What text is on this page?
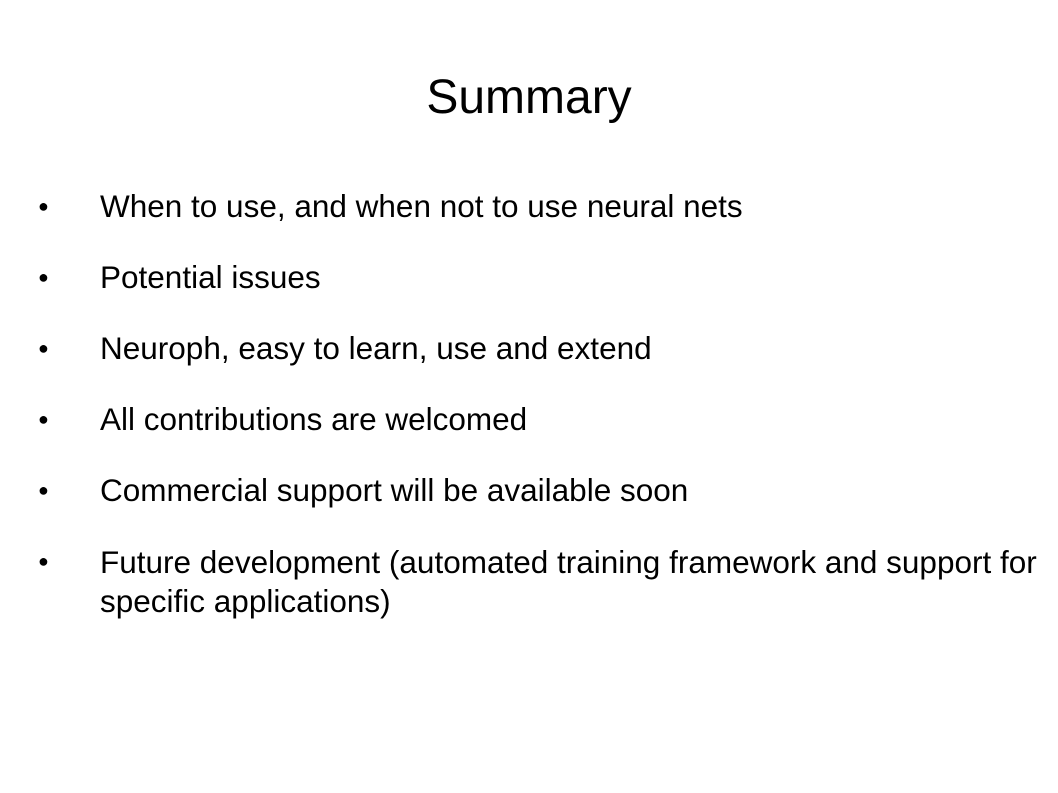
Summary
●	When to use, and when not to use neural nets
●	Potential issues
●	Neuroph, easy to learn, use and extend
●	All contributions are welcomed
●	Commercial support will be available soon
●	Future development (automated training framework and support for specific applications)
